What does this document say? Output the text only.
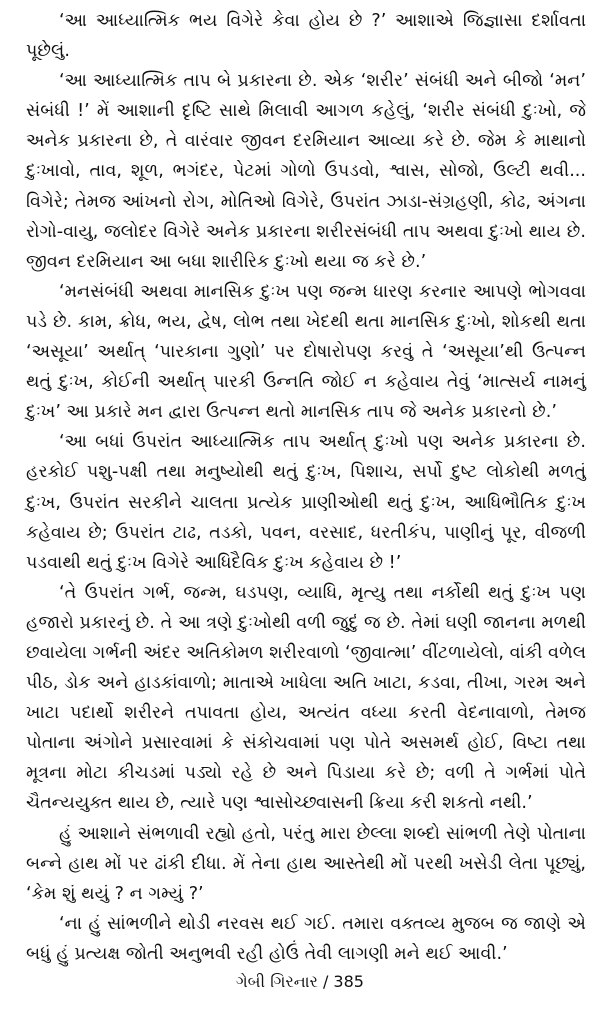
‘આ આધ્યાત્મિક ભય વિગેરે કેવા હોય છે ?’ આશાએ જિજ્ઞાસા દર્શાવતા પૂછેલું.

‘આ આધ્યાત્મિક તાપ બે પ્રકારના છે. એક ‘શરીર’ સંબંધી અને બીજો ‘મન’ સંબંધી !’ મેં આશાની દૃષ્ટિ સાથે મિલાવી આગળ કહેલું, ‘શરીર સંબંધી દુઃખો, જે અનેક પ્રકારના છે, તે વારંવાર જીવન દરમિયાન આવ્યા કરે છે. જેમ કે માથાનો દુઃખાવો, તાવ, શૂળ, ભગંદર, પેટમાં ગોળો ઉપડવો, શ્વાસ, સોજો, ઉલ્ટી થવી... વિગેરે; તેમજ આંખનો રોગ, મોતિઓ વિગેરે, ઉપરાંત ઝાડા-સંગ્રહણી, કોઢ, અંગના રોગો-વાયુ, જલોદર વિગેરે અનેક પ્રકારના શરીરસંબંધી તાપ અથવા દુઃખો થાય છે. જીવન દરમિયાન આ બધા શારીરિક દુઃખો થયા જ કરે છે.’

‘મનસંબંધી અથવા માનસિક દુઃખ પણ જન્મ ધારણ કરનાર આપણે ભોગવવા પડે છે. કામ, ક્રોધ, ભય, દ્વેષ, લોભ તથા ખેદથી થતા માનસિક દુઃખો, શોકથી થતા ‘અસૂયા’ અર્થાત્ ‘પારકાના ગુણો’ પર દોષારોપણ કરવું તે ‘અસૂયા’થી ઉત્પન્ન થતું દુઃખ, કોઈની અર્થાત્ પારકી ઉન્નતિ જોઈ ન કહેવાય તેવું ‘માત્સર્ય નામનું દુઃખ’ આ પ્રકારે મન દ્વારા ઉત્પન્ન થતો માનસિક તાપ જે અનેક પ્રકારનો છે.’

‘આ બધાં ઉપરાંત આધ્યાત્મિક તાપ અર્થાત્ દુઃખો પણ અનેક પ્રકારના છે. હરકોઈ પશુ-પક્ષી તથા મનુષ્યોથી થતું દુઃખ, પિશાચ, સર્પો દુષ્ટ લોકોથી મળતું દુઃખ, ઉપરાંત સરકીને ચાલતા પ્રત્યેક પ્રાણીઓથી થતું દુઃખ, આધિભૌતિક દુઃખ કહેવાય છે; ઉપરાંત ટાઢ, તડકો, પવન, વરસાદ, ધરતીકંપ, પાણીનું પૂર, વીજળી પડવાથી થતું દુઃખ વિગેરે આધિદૈવિક દુઃખ કહેવાય છે !’

‘તે ઉપરાંત ગર્ભ, જન્મ, ઘડપણ, વ્યાધિ, મૃત્યુ તથા નર્કોથી થતું દુઃખ પણ હજારો પ્રકારનું છે. તે આ ત્રણે દુઃખોથી વળી જુદું જ છે. તેમાં ઘણી જાનના મળથી છવાયેલા ગર્ભની અંદર અતિકોમળ શરીરવાળો ‘જીવાત્મા’ વીંટળાયેલો, વાંકી વળેલ પીઠ, ડોક અને હાડકાંવાળો; માતાએ ખાધેલા અતિ ખાટા, કડવા, તીખા, ગરમ અને ખાટા પદાર્થો શરીરને તપાવતા હોય, અત્યંત વધ્યા કરતી વેદનાવાળો, તેમજ પોતાના અંગોને પ્રસારવામાં કે સંકોચવામાં પણ પોતે અસમર્થ હોઈ, વિષ્ટા તથા મૂત્રના મોટા કીચડમાં પડ્યો રહે છે અને પિડાયા કરે છે; વળી તે ગર્ભમાં પોતે ચૈતન્યયુક્ત થાય છે, ત્યારે પણ શ્વાસોચ્છ્વાસની ક્રિયા કરી શકતો નથી.’

હું આશાને સંભળાવી રહ્યો હતો, પરંતુ મારા છેલ્લા શબ્દો સાંભળી તેણે પોતાના બન્ને હાથ મોં પર ઢાંકી દીધા. મેં તેના હાથ આસ્તેથી મોં પરથી ખસેડી લેતા પૂછ્યું, ‘કેમ શું થયું ? ન ગમ્યું ?’

‘ના હું સાંભળીને થોડી નરવસ થઈ ગઈ. તમારા વક્તવ્ય મુજબ જ જાણે એ બધું હું પ્રત્યક્ષ જોતી અનુભવી રહી હોઉં તેવી લાગણી મને થઈ આવી.’

ગેબી ગિરનાર / 385
